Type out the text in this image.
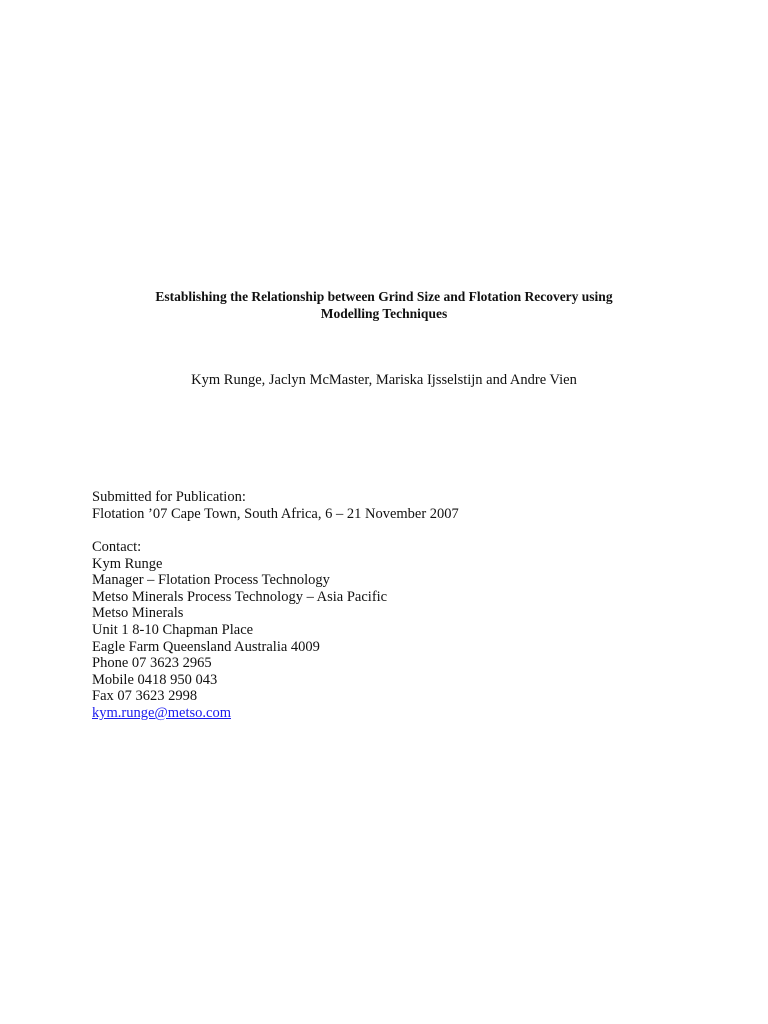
Establishing the Relationship between Grind Size and Flotation Recovery using
Modelling Techniques
Kym Runge, Jaclyn McMaster, Mariska Ijsselstijn and Andre Vien
Submitted for Publication:
Flotation ’07 Cape Town, South Africa, 6 – 21 November 2007
Contact:
Kym Runge
Manager – Flotation Process Technology
Metso Minerals Process Technology – Asia Pacific
Metso Minerals
Unit 1 8-10 Chapman Place
Eagle Farm Queensland Australia 4009
Phone 07 3623 2965
Mobile 0418 950 043
Fax 07 3623 2998
kym.runge@metso.com
